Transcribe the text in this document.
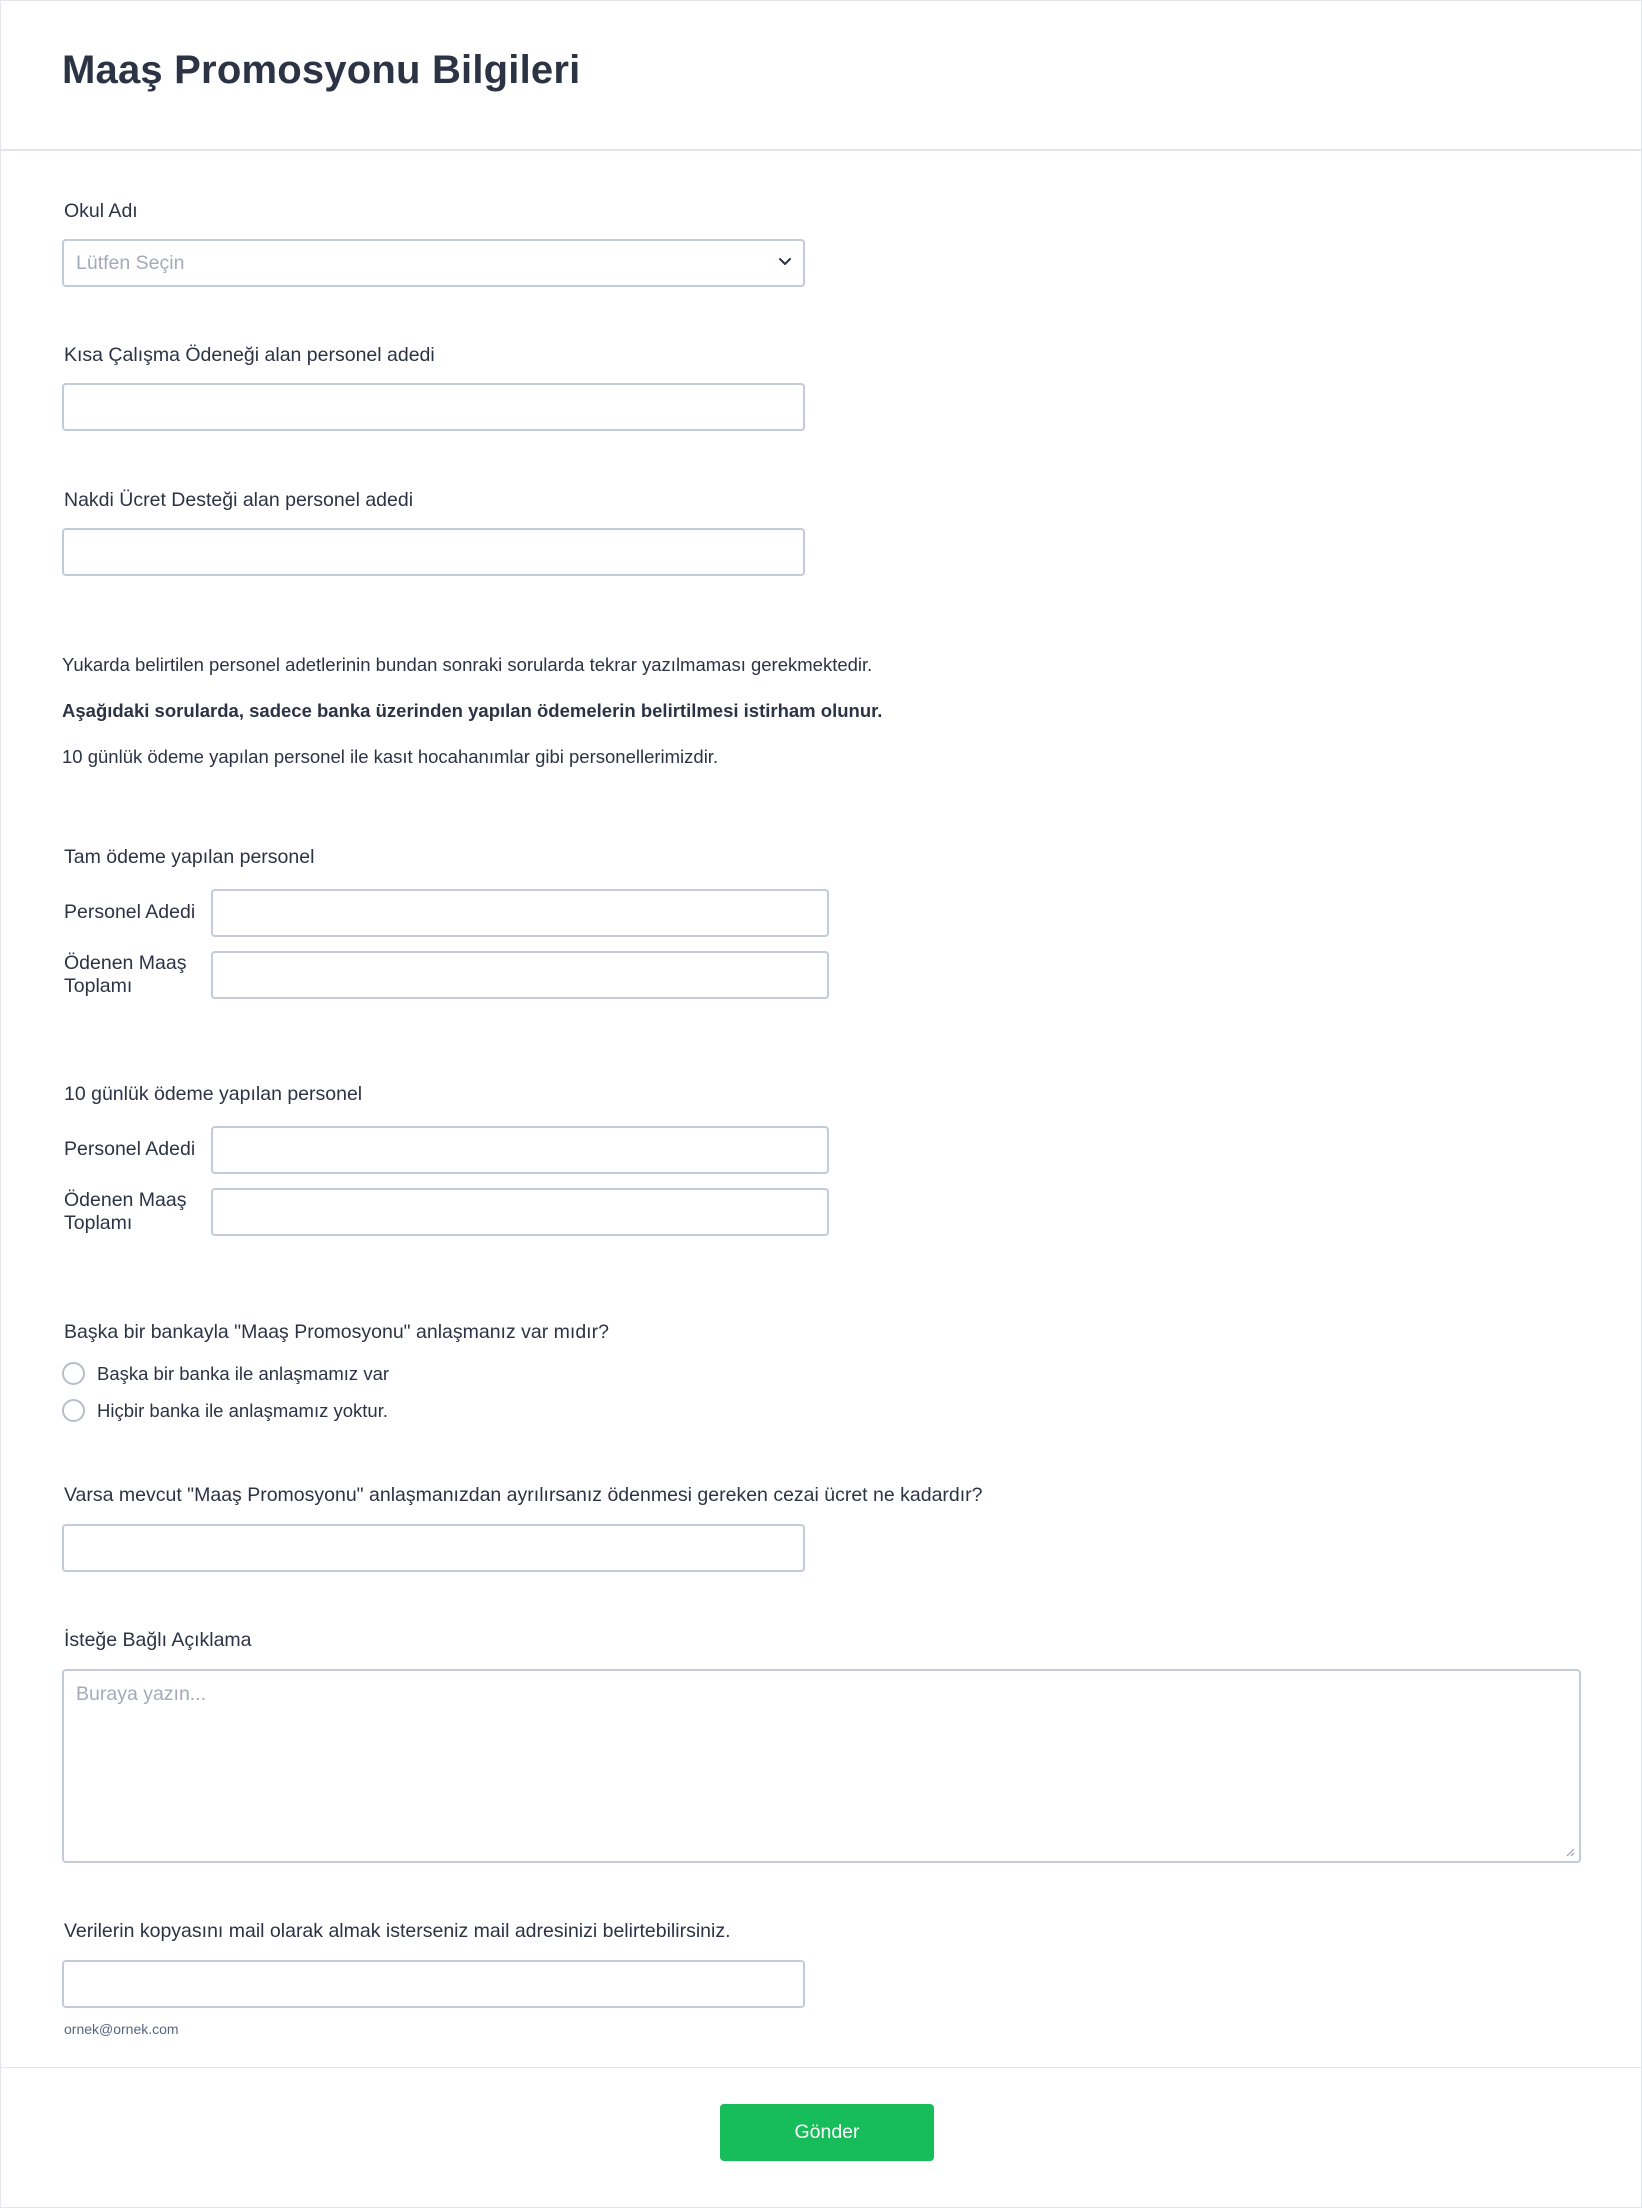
Maaş Promosyonu Bilgileri
Okul Adı
Lütfen Seçin
Kısa Çalışma Ödeneği alan personel adedi
Nakdi Ücret Desteği alan personel adedi
Yukarda belirtilen personel adetlerinin bundan sonraki sorularda tekrar yazılmaması gerekmektedir.
Aşağıdaki sorularda, sadece banka üzerinden yapılan ödemelerin belirtilmesi istirham olunur.
10 günlük ödeme yapılan personel ile kasıt hocahanımlar gibi personellerimizdir.
Tam ödeme yapılan personel
Personel Adedi
Ödenen Maaş
Toplamı
10 günlük ödeme yapılan personel
Personel Adedi
Ödenen Maaş
Toplamı
Başka bir bankayla "Maaş Promosyonu" anlaşmanız var mıdır?
Başka bir banka ile anlaşmamız var
Hiçbir banka ile anlaşmamız yoktur.
Varsa mevcut "Maaş Promosyonu" anlaşmanızdan ayrılırsanız ödenmesi gereken cezai ücret ne kadardır?
İsteğe Bağlı Açıklama
Buraya yazın...
Verilerin kopyasını mail olarak almak isterseniz mail adresinizi belirtebilirsiniz.
ornek@ornek.com
Gönder
